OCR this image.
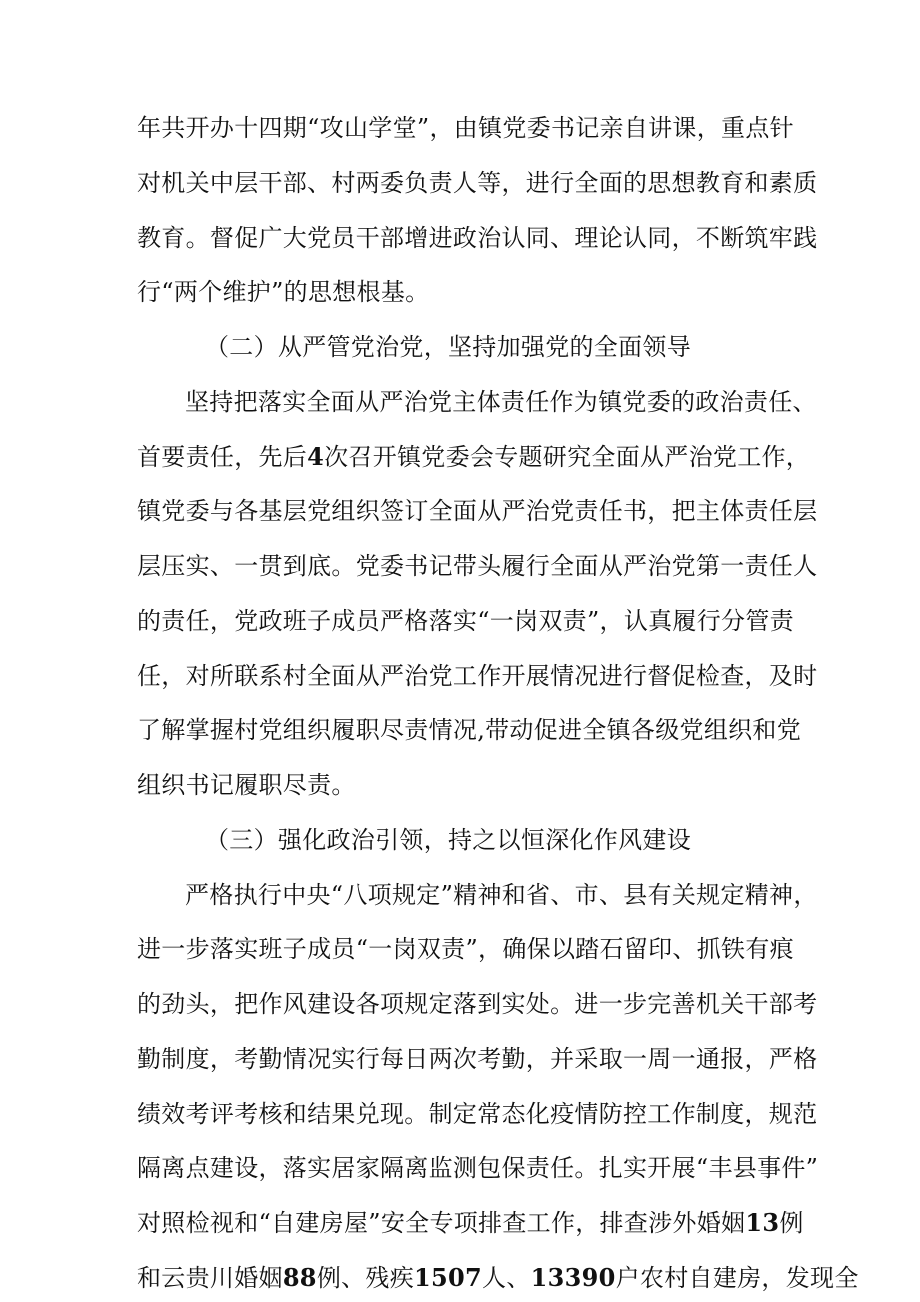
年共开办十四期“攻山学堂”，由镇党委书记亲自讲课，重点针
对机关中层干部、村两委负责人等，进行全面的思想教育和素质
教育。督促广大党员干部增进政治认同、理论认同，不断筑牢践
行“两个维护”的思想根基。
（二）从严管党治党，坚持加强党的全面领导
坚持把落实全面从严治党主体责任作为镇党委的政治责任、
首要责任，先后4次召开镇党委会专题研究全面从严治党工作，
镇党委与各基层党组织签订全面从严治党责任书，把主体责任层
层压实、一贯到底。党委书记带头履行全面从严治党第一责任人
的责任，党政班子成员严格落实“一岗双责”，认真履行分管责
任，对所联系村全面从严治党工作开展情况进行督促检查，及时
了解掌握村党组织履职尽责情况,带动促进全镇各级党组织和党
组织书记履职尽责。
（三）强化政治引领，持之以恒深化作风建设
严格执行中央“八项规定”精神和省、市、县有关规定精神，
进一步落实班子成员“一岗双责”，确保以踏石留印、抓铁有痕
的劲头，把作风建设各项规定落到实处。进一步完善机关干部考
勤制度，考勤情况实行每日两次考勤，并采取一周一通报，严格
绩效考评考核和结果兑现。制定常态化疫情防控工作制度，规范
隔离点建设，落实居家隔离监测包保责任。扎实开展“丰县事件”
对照检视和“自建房屋”安全专项排查工作，排查涉外婚姻13例
和云贵川婚姻88例、残疾1507人、13390户农村自建房，发现全
